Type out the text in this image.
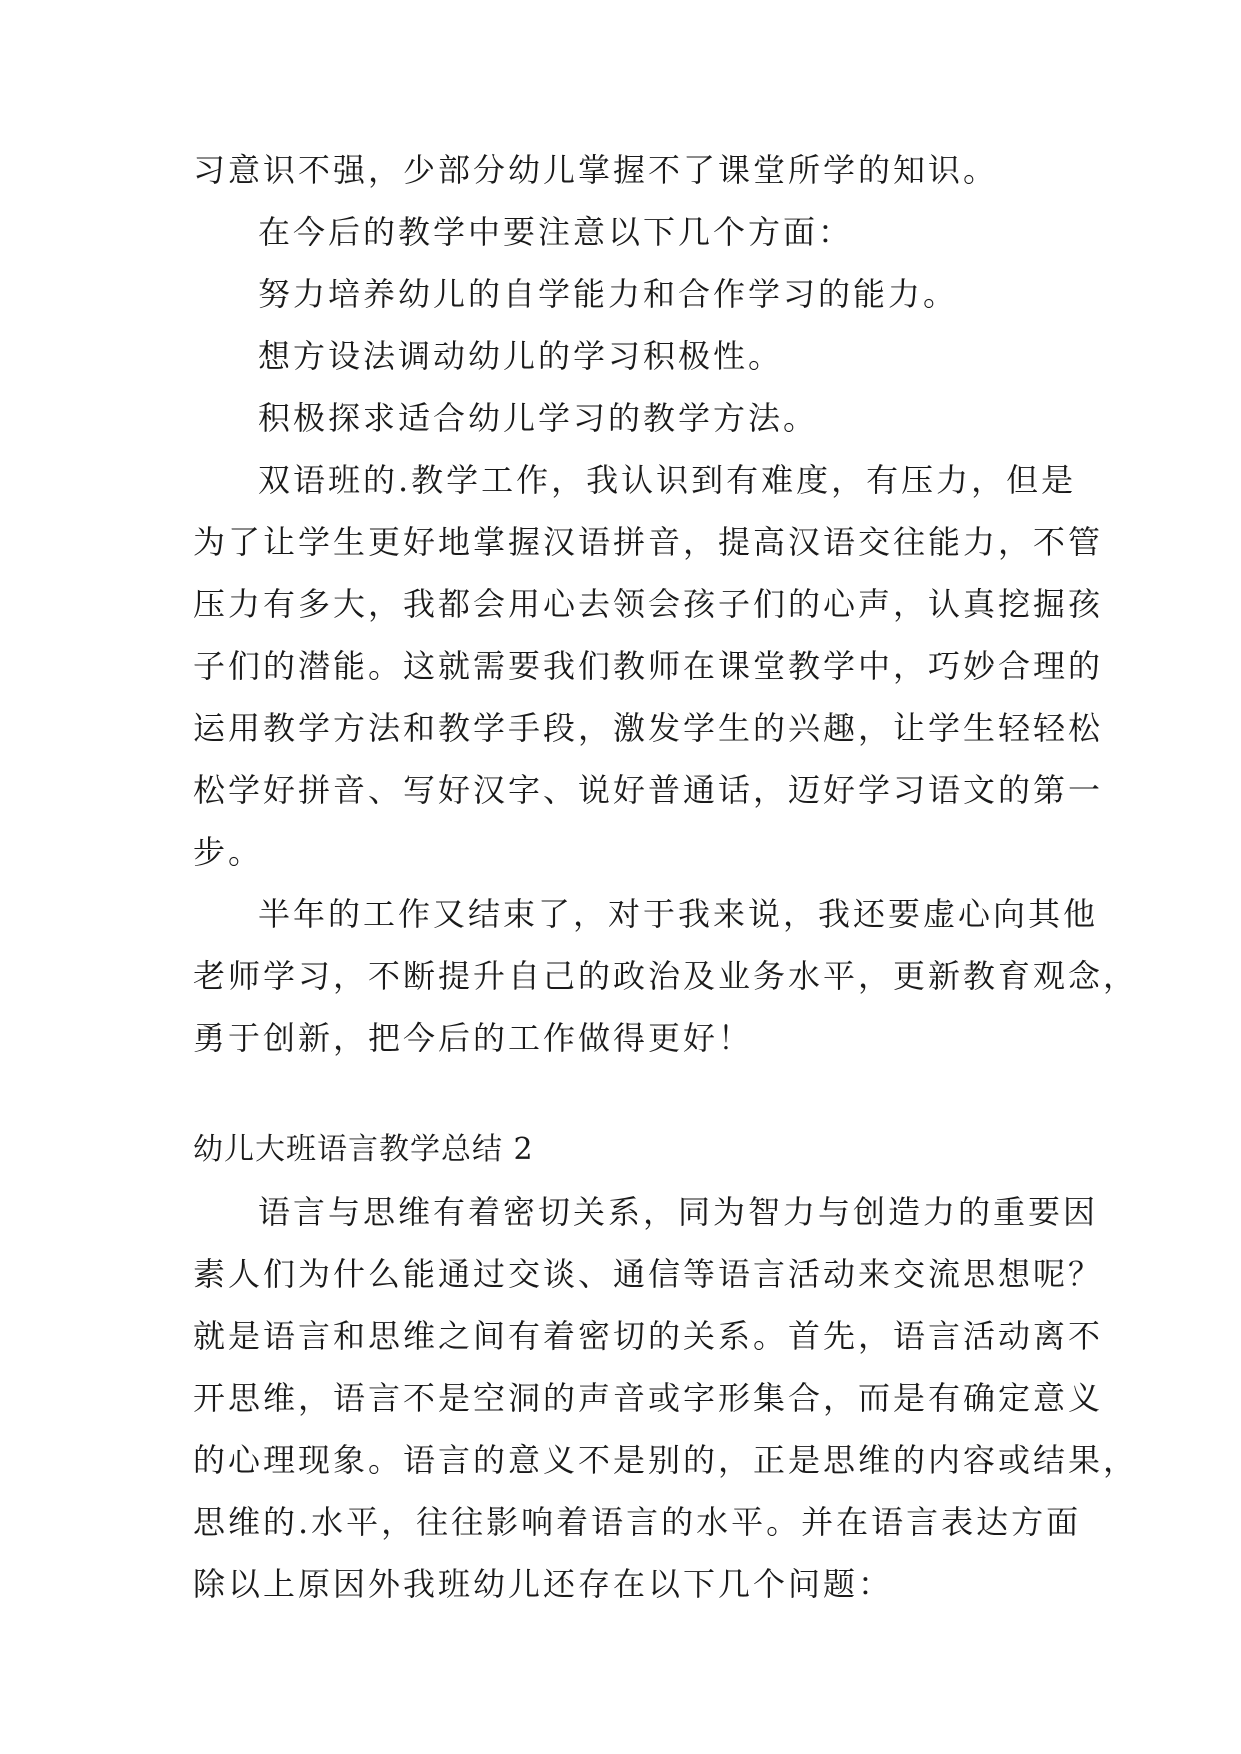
习意识不强，少部分幼儿掌握不了课堂所学的知识。
在今后的教学中要注意以下几个方面：
努力培养幼儿的自学能力和合作学习的能力。
想方设法调动幼儿的学习积极性。
积极探求适合幼儿学习的教学方法。
双语班的.教学工作，我认识到有难度，有压力，但是
为了让学生更好地掌握汉语拼音，提高汉语交往能力，不管
压力有多大，我都会用心去领会孩子们的心声，认真挖掘孩
子们的潜能。这就需要我们教师在课堂教学中，巧妙合理的
运用教学方法和教学手段，激发学生的兴趣，让学生轻轻松
松学好拼音、写好汉字、说好普通话，迈好学习语文的第一
步。
半年的工作又结束了，对于我来说，我还要虚心向其他
老师学习，不断提升自己的政治及业务水平，更新教育观念，
勇于创新，把今后的工作做得更好！
幼儿大班语言教学总结 2
语言与思维有着密切关系，同为智力与创造力的重要因
素人们为什么能通过交谈、通信等语言活动来交流思想呢？
就是语言和思维之间有着密切的关系。首先，语言活动离不
开思维，语言不是空洞的声音或字形集合，而是有确定意义
的心理现象。语言的意义不是别的，正是思维的内容或结果，
思维的.水平，往往影响着语言的水平。并在语言表达方面
除以上原因外我班幼儿还存在以下几个问题：
